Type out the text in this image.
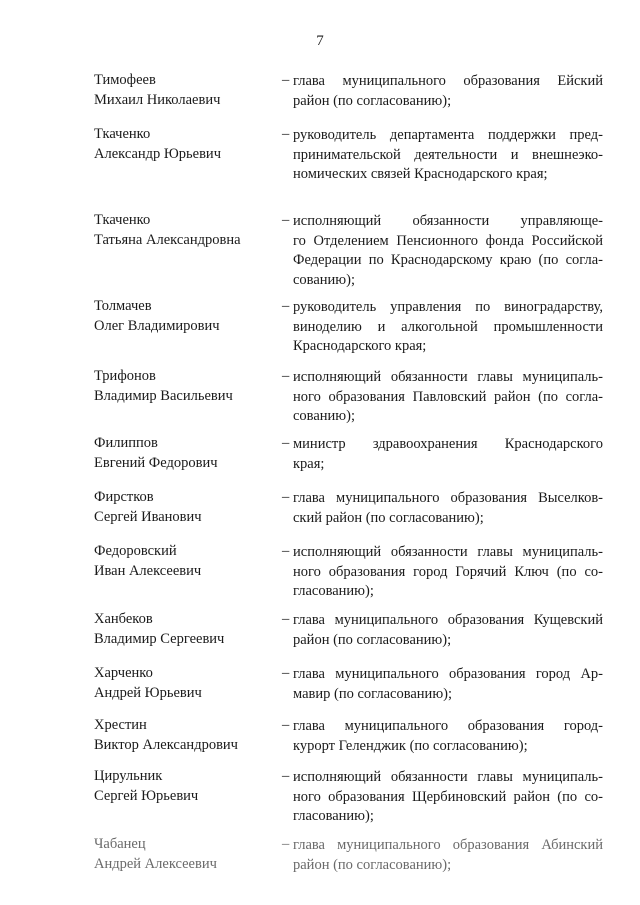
7
Тимофеев
Михаил Николаевич
– глава муниципального образования Ейский
район (по согласованию);
Ткаченко
Александр Юрьевич
– руководитель департамента поддержки пред-
принимательской деятельности и внешнеэко-
номических связей Краснодарского края;
Ткаченко
Татьяна Александровна
– исполняющий обязанности управляюще-
го Отделением Пенсионного фонда Российской
Федерации по Краснодарскому краю (по согла-
сованию);
Толмачев
Олег Владимирович
– руководитель управления по виноградарству,
виноделию и алкогольной промышленности
Краснодарского края;
Трифонов
Владимир Васильевич
– исполняющий обязанности главы муниципаль-
ного образования Павловский район (по согла-
сованию);
Филиппов
Евгений Федорович
– министр здравоохранения Краснодарского
края;
Фирстков
Сергей Иванович
– глава муниципального образования Выселков-
ский район (по согласованию);
Федоровский
Иван Алексеевич
– исполняющий обязанности главы муниципаль-
ного образования город Горячий Ключ (по со-
гласованию);
Ханбеков
Владимир Сергеевич
– глава муниципального образования Кущевский
район (по согласованию);
Харченко
Андрей Юрьевич
– глава муниципального образования город Ар-
мавир (по согласованию);
Хрестин
Виктор Александрович
– глава муниципального образования город-
курорт Геленджик (по согласованию);
Цирульник
Сергей Юрьевич
– исполняющий обязанности главы муниципаль-
ного образования Щербиновский район (по со-
гласованию);
Чабанец
Андрей Алексеевич
– глава муниципального образования Абинский
район (по согласованию);
